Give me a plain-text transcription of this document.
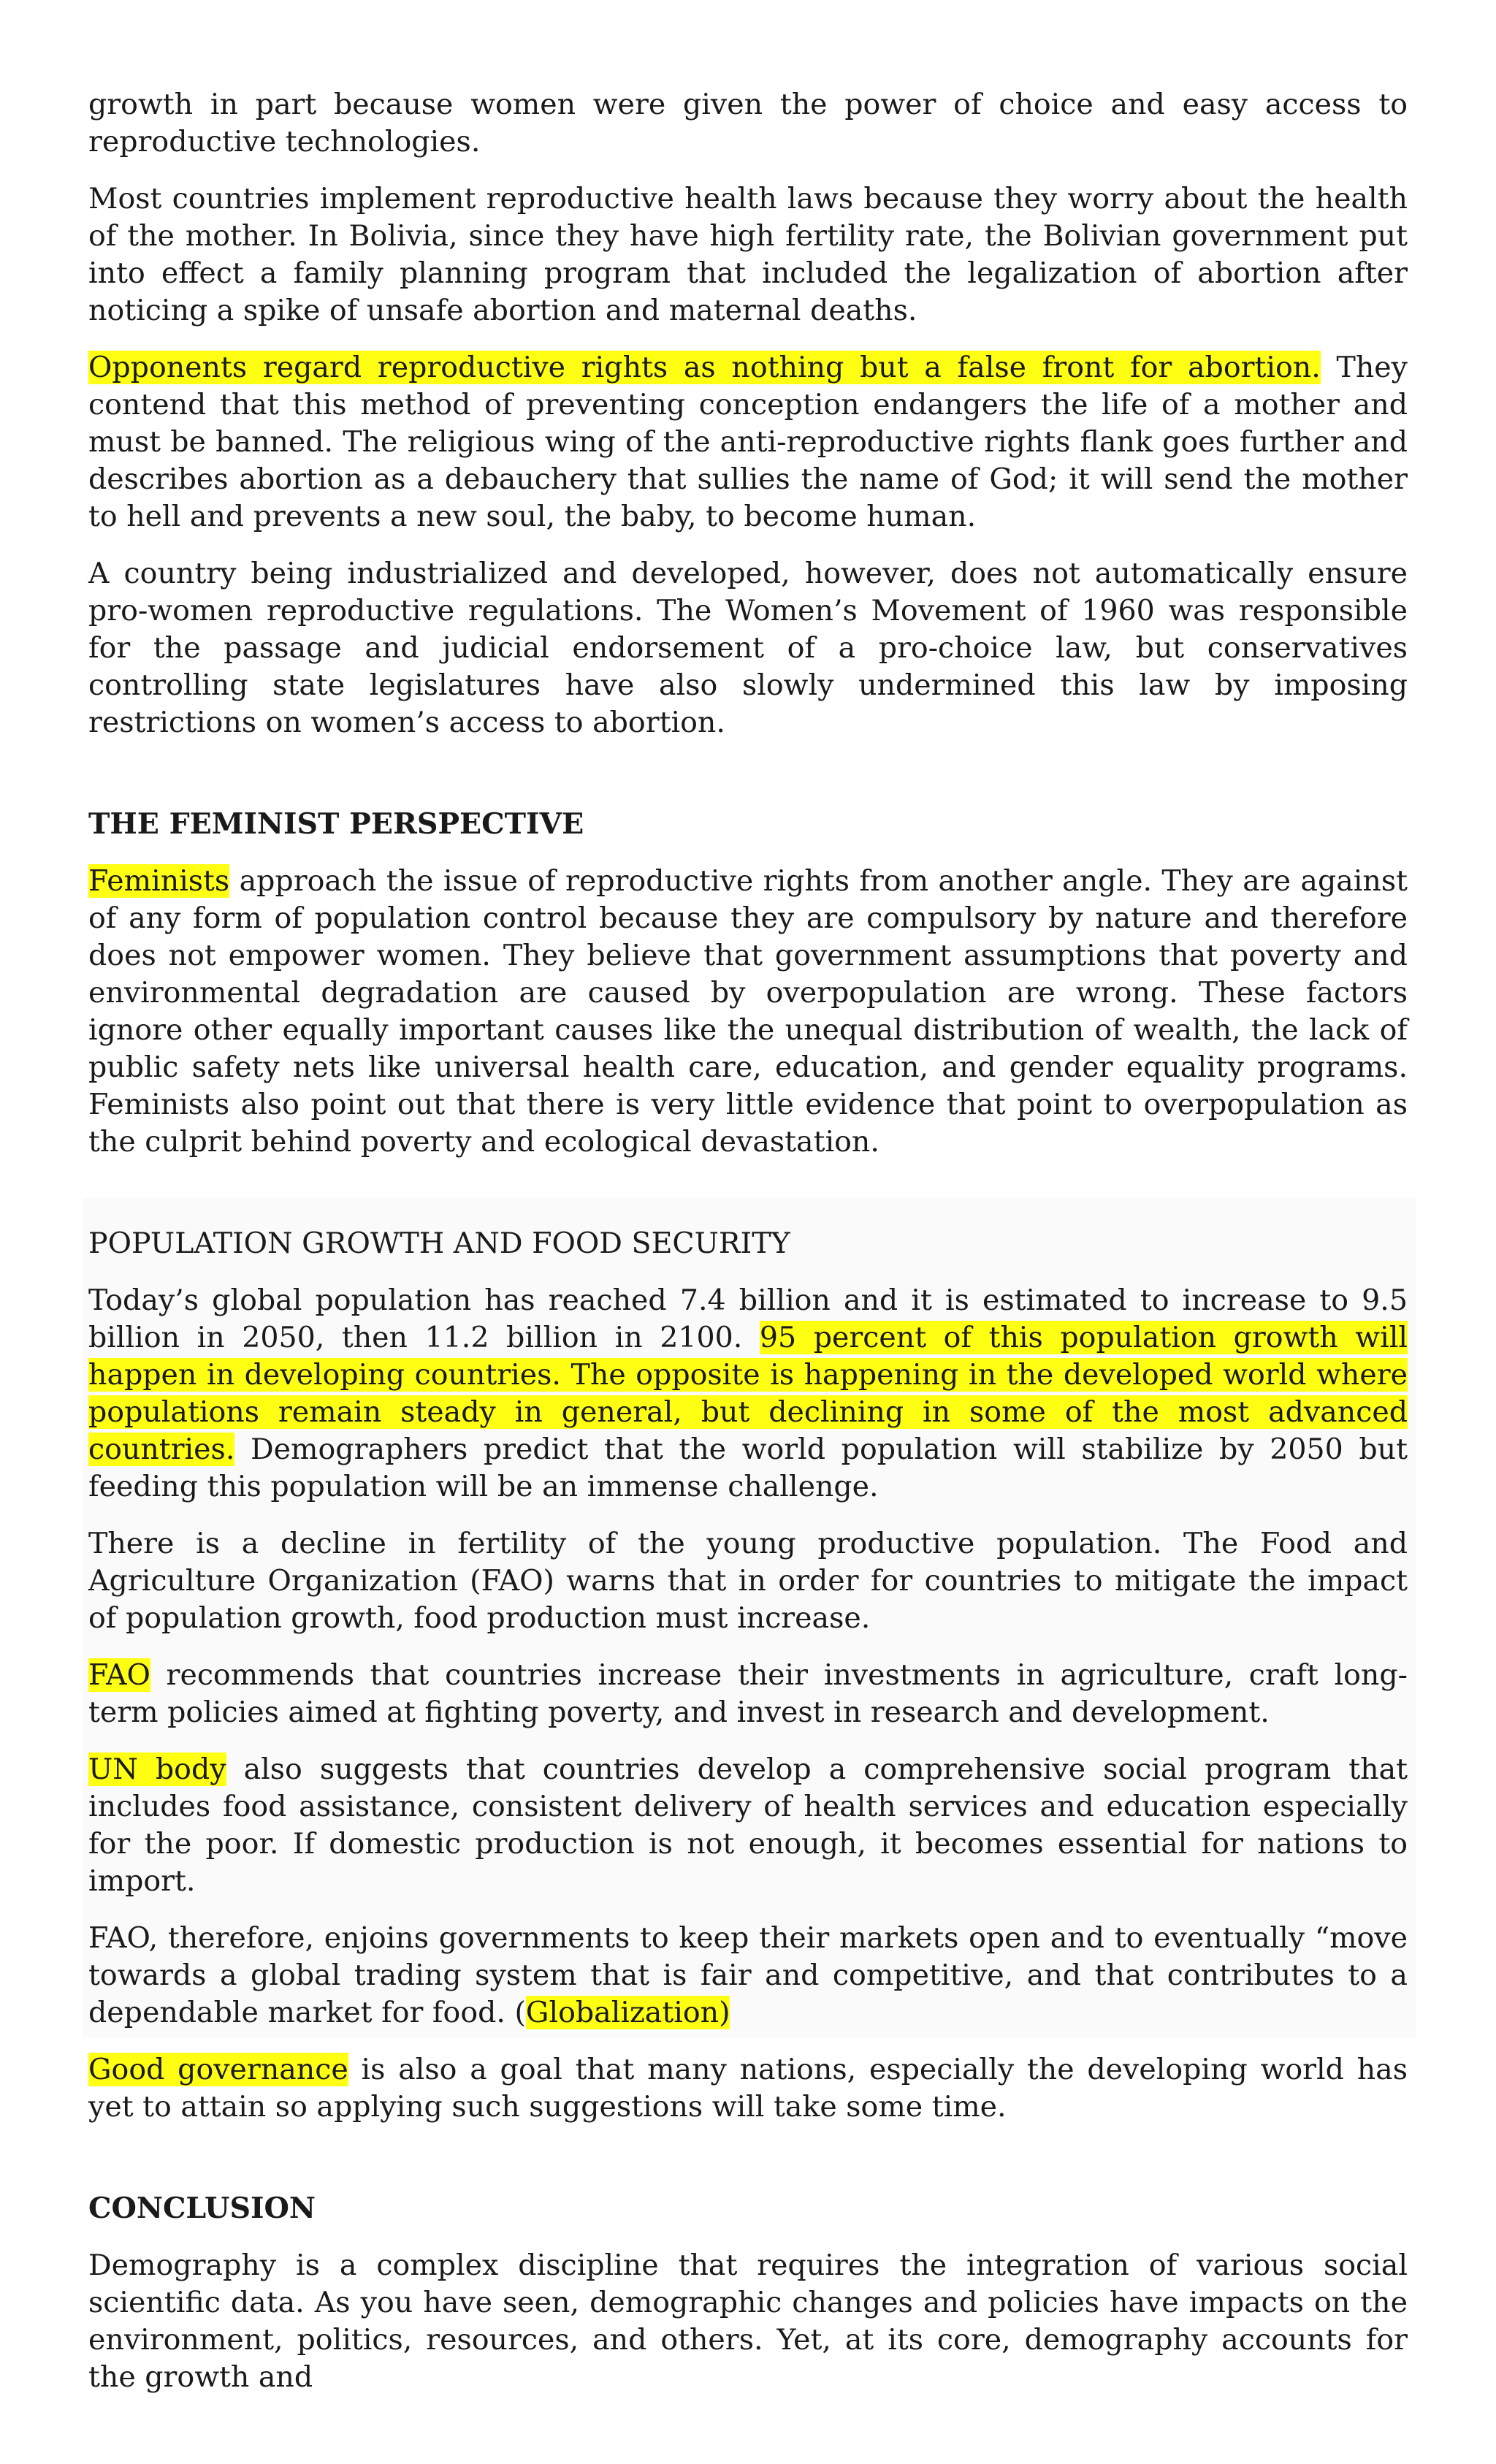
growth in part because women were given the power of choice and easy access to reproductive technologies.

Most countries implement reproductive health laws because they worry about the health of the mother. In Bolivia, since they have high fertility rate, the Bolivian government put into effect a family planning program that included the legalization of abortion after noticing a spike of unsafe abortion and maternal deaths.

Opponents regard reproductive rights as nothing but a false front for abortion. They contend that this method of preventing conception endangers the life of a mother and must be banned. The religious wing of the anti-reproductive rights flank goes further and describes abortion as a debauchery that sullies the name of God; it will send the mother to hell and prevents a new soul, the baby, to become human.

A country being industrialized and developed, however, does not automatically ensure pro-women reproductive regulations. The Women’s Movement of 1960 was responsible for the passage and judicial endorsement of a pro-choice law, but conservatives controlling state legislatures have also slowly undermined this law by imposing restrictions on women’s access to abortion.

THE FEMINIST PERSPECTIVE

Feminists approach the issue of reproductive rights from another angle. They are against of any form of population control because they are compulsory by nature and therefore does not empower women. They believe that government assumptions that poverty and environmental degradation are caused by overpopulation are wrong. These factors ignore other equally important causes like the unequal distribution of wealth, the lack of public safety nets like universal health care, education, and gender equality programs. Feminists also point out that there is very little evidence that point to overpopulation as the culprit behind poverty and ecological devastation.

POPULATION GROWTH AND FOOD SECURITY

Today’s global population has reached 7.4 billion and it is estimated to increase to 9.5 billion in 2050, then 11.2 billion in 2100. 95 percent of this population growth will happen in developing countries. The opposite is happening in the developed world where populations remain steady in general, but declining in some of the most advanced countries. Demographers predict that the world population will stabilize by 2050 but feeding this population will be an immense challenge.

There is a decline in fertility of the young productive population. The Food and Agriculture Organization (FAO) warns that in order for countries to mitigate the impact of population growth, food production must increase.

FAO recommends that countries increase their investments in agriculture, craft long-term policies aimed at fighting poverty, and invest in research and development.

UN body also suggests that countries develop a comprehensive social program that includes food assistance, consistent delivery of health services and education especially for the poor. If domestic production is not enough, it becomes essential for nations to import.

FAO, therefore, enjoins governments to keep their markets open and to eventually “move towards a global trading system that is fair and competitive, and that contributes to a dependable market for food. (Globalization)

Good governance is also a goal that many nations, especially the developing world has yet to attain so applying such suggestions will take some time.

CONCLUSION

Demography is a complex discipline that requires the integration of various social scientific data. As you have seen, demographic changes and policies have impacts on the environment, politics, resources, and others. Yet, at its core, demography accounts for the growth and
